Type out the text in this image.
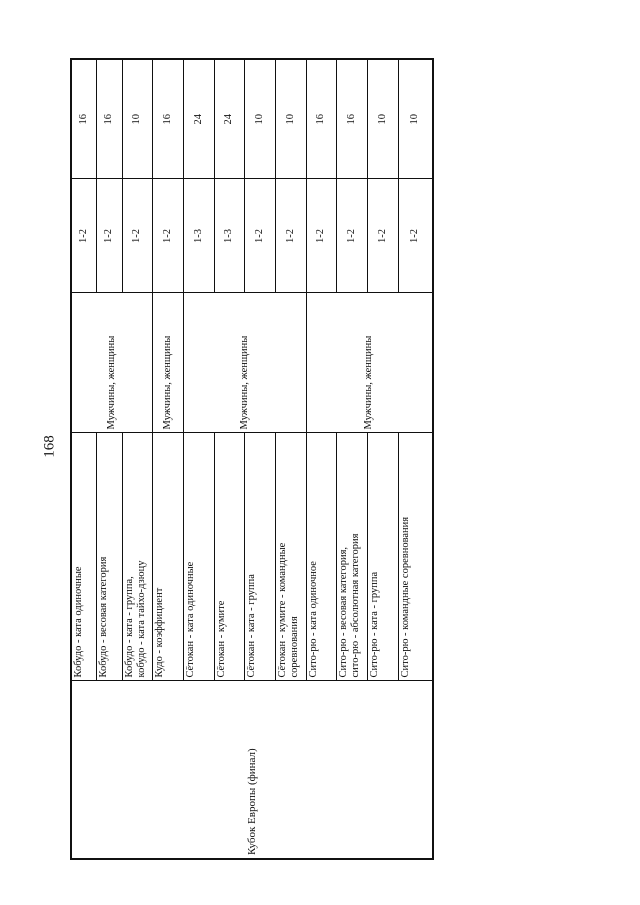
168
Кубок Европы (финал)	Кобудо - ката одиночные	Мужчины, женщины	1-2	16

	Кобудо - весовая категория		1-2	16

	Кобудо - ката - группа, кобудо - ката тайхо-дзюцу		1-2	10

	Кудо - коэффициент	Мужчины, женщины	1-2	16

	Сётокан - ката одиночные	Мужчины, женщины	1-3	24

	Сётокан - кумите		1-3	24

	Сётокан - ката - группа		1-2	10

	Сётокан - кумите - командные соревнования		1-2	10

	Сито-рю - ката одиночное	Мужчины, женщины	1-2	16

	Сито-рю - весовая категория, сито-рю - абсолютная категория		1-2	16

	Сито-рю - ката - группа		1-2	10

	Сито-рю - командные соревнования		1-2	10
